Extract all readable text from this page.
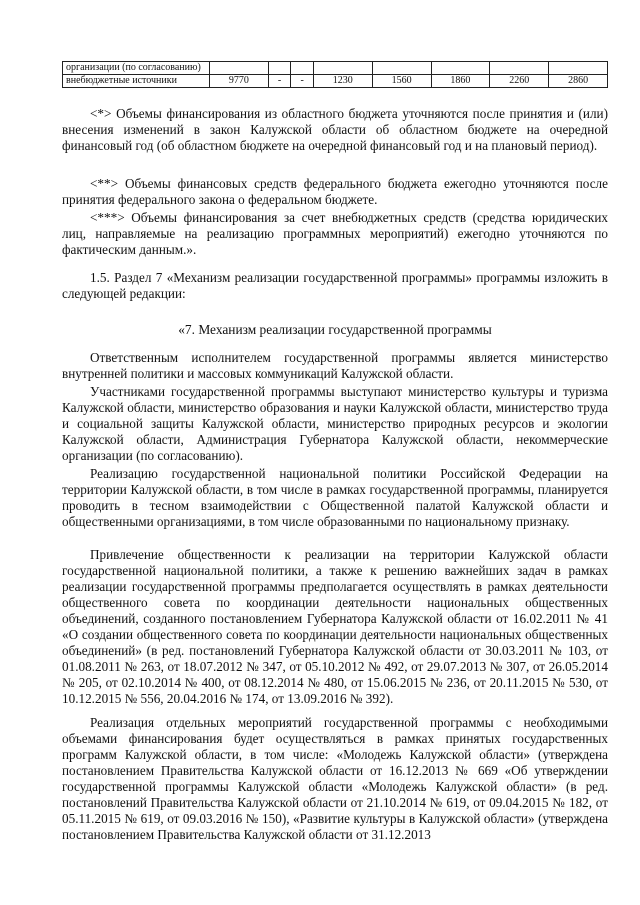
организации (по согласованию)								
внебюджетные источники	9770	-	-	1230	1560	1860	2260	2860
<*> Объемы финансирования из областного бюджета уточняются после принятия и (или) внесения изменений в закон Калужской области об областном бюджете на очередной финансовый год (об областном бюджете на очередной финансовый год и на плановый период).
<**> Объемы финансовых средств федерального бюджета ежегодно уточняются после принятия федерального закона о федеральном бюджете.
<***> Объемы финансирования за счет внебюджетных средств (средства юридических лиц, направляемые на реализацию программных мероприятий) ежегодно уточняются по фактическим данным.».
1.5. Раздел 7 «Механизм реализации государственной программы» программы изложить в следующей редакции:
«7. Механизм реализации государственной программы
Ответственным исполнителем государственной программы является министерство внутренней политики и массовых коммуникаций Калужской области.
Участниками государственной программы выступают министерство культуры и туризма Калужской области, министерство образования и науки Калужской области, министерство труда и социальной защиты Калужской области, министерство природных ресурсов и экологии Калужской области, Администрация Губернатора Калужской области, некоммерческие организации (по согласованию).
Реализацию государственной национальной политики Российской Федерации на территории Калужской области, в том числе в рамках государственной программы, планируется проводить в тесном взаимодействии с Общественной палатой Калужской области и общественными организациями, в том числе образованными по национальному признаку.
Привлечение общественности к реализации на территории Калужской области государственной национальной политики, а также к решению важнейших задач в рамках реализации государственной программы предполагается осуществлять в рамках деятельности общественного совета по координации деятельности национальных общественных объединений, созданного постановлением Губернатора Калужской области от 16.02.2011 № 41 «О создании общественного совета по координации деятельности национальных общественных объединений» (в ред. постановлений Губернатора Калужской области от 30.03.2011 № 103, от 01.08.2011 № 263, от 18.07.2012 № 347, от 05.10.2012 № 492, от 29.07.2013 № 307, от 26.05.2014 № 205, от 02.10.2014 № 400, от 08.12.2014 № 480, от 15.06.2015 № 236, от 20.11.2015 № 530, от 10.12.2015 № 556, 20.04.2016 № 174, от 13.09.2016 № 392).
Реализация отдельных мероприятий государственной программы с необходимыми объемами финансирования будет осуществляться в рамках принятых государственных программ Калужской области, в том числе: «Молодежь Калужской области» (утверждена постановлением Правительства Калужской области от 16.12.2013 № 669 «Об утверждении государственной программы Калужской области «Молодежь Калужской области» (в ред. постановлений Правительства Калужской области от 21.10.2014 № 619, от 09.04.2015 № 182, от 05.11.2015 № 619, от 09.03.2016 № 150), «Развитие культуры в Калужской области» (утверждена постановлением Правительства Калужской области от 31.12.2013
